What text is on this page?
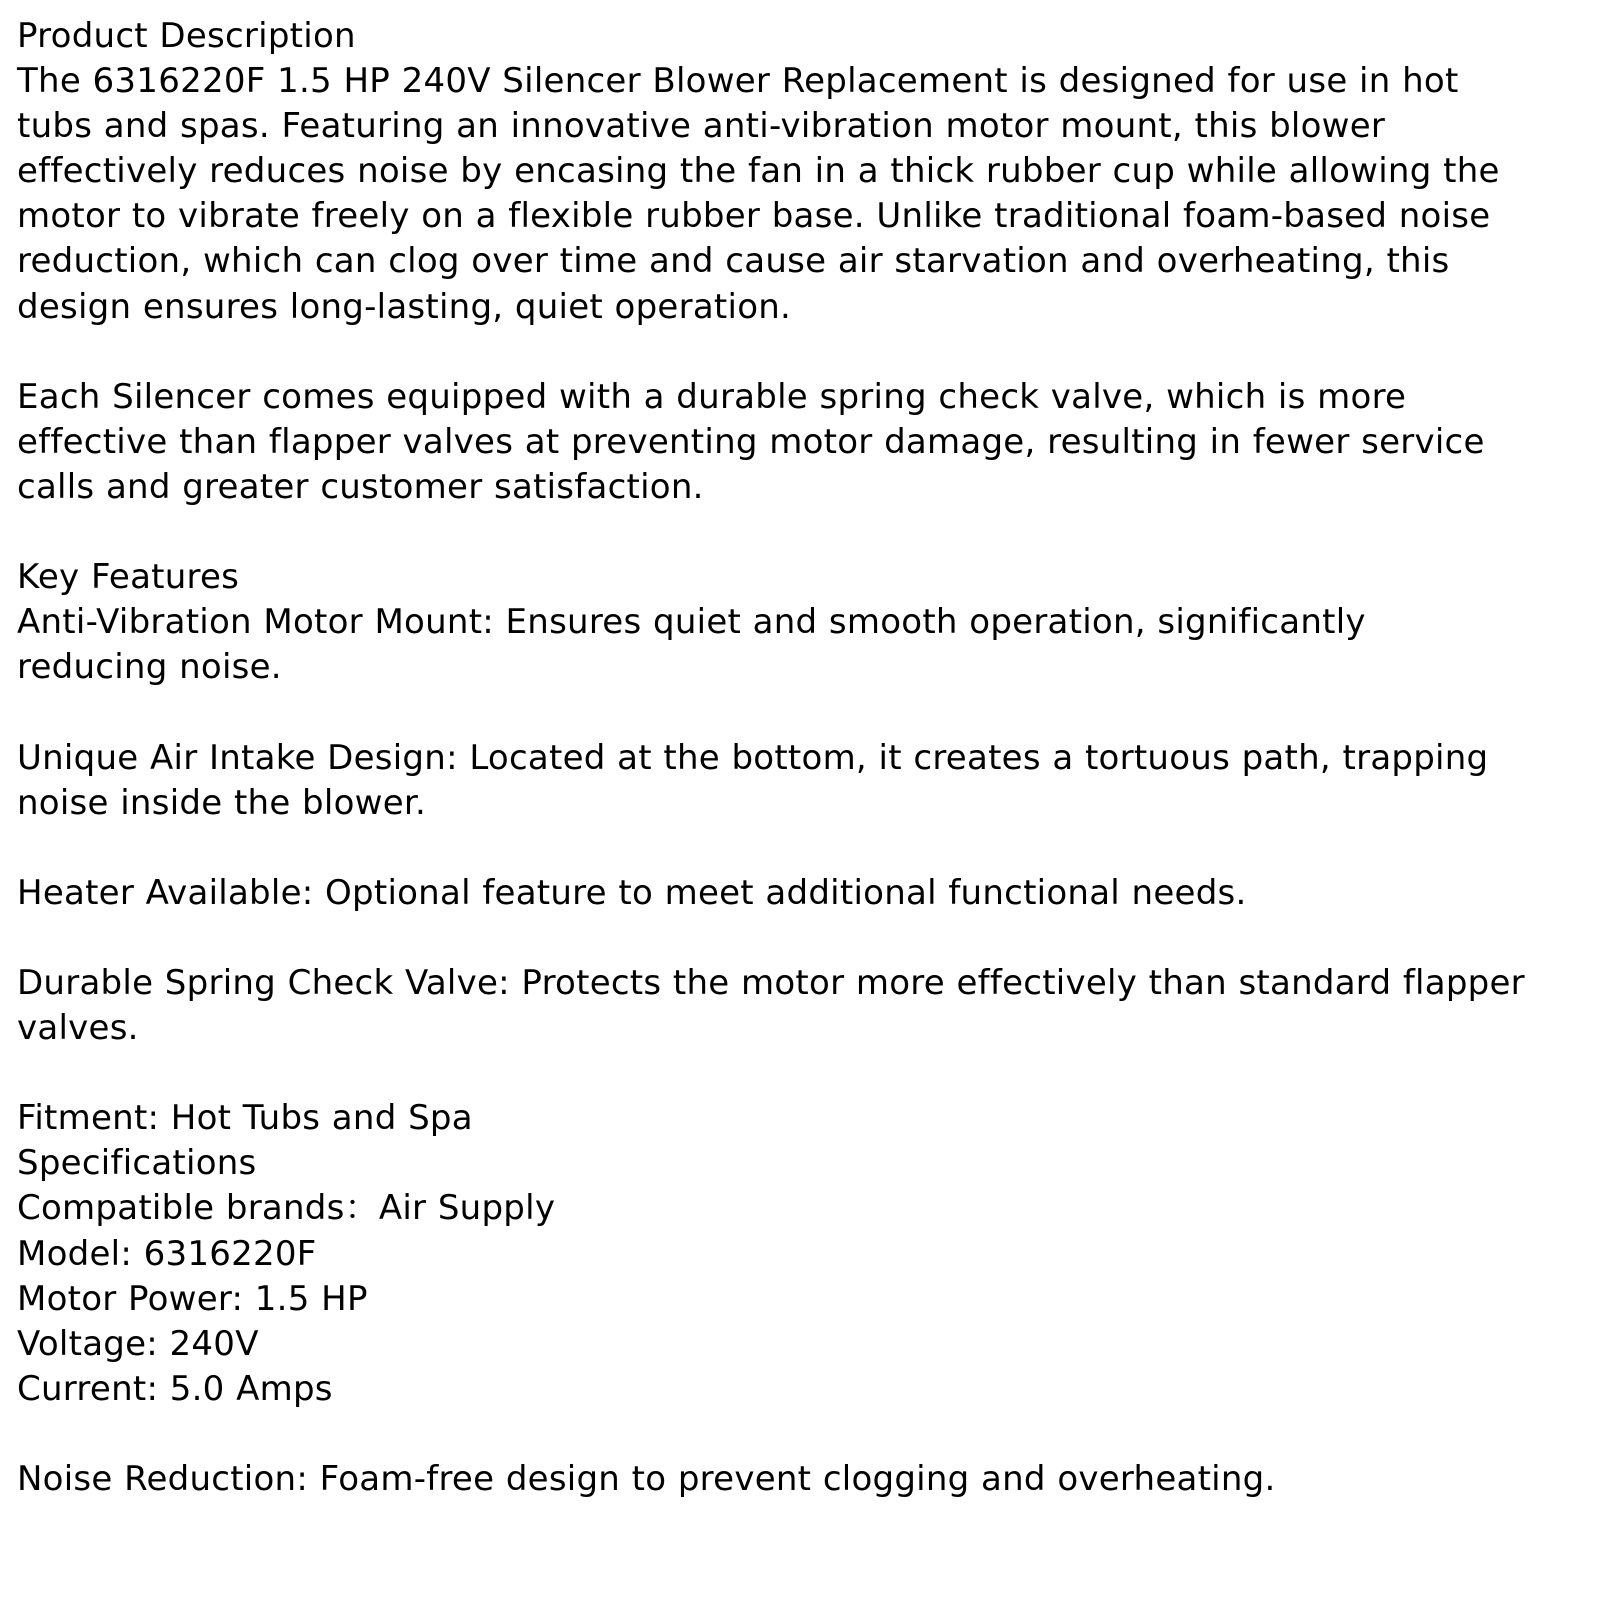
Product Description
The 6316220F 1.5 HP 240V Silencer Blower Replacement is designed for use in hot
tubs and spas. Featuring an innovative anti-vibration motor mount, this blower
effectively reduces noise by encasing the fan in a thick rubber cup while allowing the
motor to vibrate freely on a flexible rubber base. Unlike traditional foam-based noise
reduction, which can clog over time and cause air starvation and overheating, this
design ensures long-lasting, quiet operation.
Each Silencer comes equipped with a durable spring check valve, which is more
effective than flapper valves at preventing motor damage, resulting in fewer service
calls and greater customer satisfaction.
Key Features
Anti-Vibration Motor Mount: Ensures quiet and smooth operation, significantly
reducing noise.
Unique Air Intake Design: Located at the bottom, it creates a tortuous path, trapping
noise inside the blower.
Heater Available: Optional feature to meet additional functional needs.
Durable Spring Check Valve: Protects the motor more effectively than standard flapper
valves.
Fitment: Hot Tubs and Spa
Specifications
Compatible brands：Air Supply
Model: 6316220F
Motor Power: 1.5 HP
Voltage: 240V
Current: 5.0 Amps
Noise Reduction: Foam-free design to prevent clogging and overheating.
